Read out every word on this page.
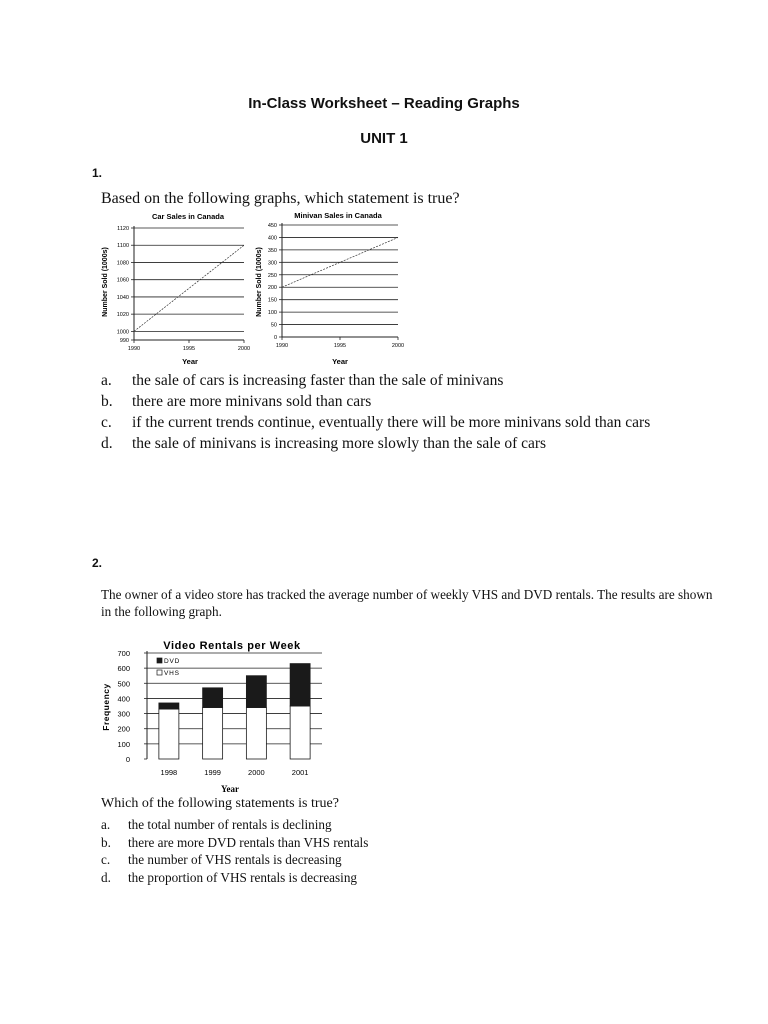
In-Class Worksheet – Reading Graphs
UNIT 1
1.
Based on the following graphs, which statement is true?
Car Sales in Canada
Number Sold (1000s)
Year
990
1000
1020
1040
1060
1080
1100
1120
1990	1995	2000
Minivan Sales in Canada
Number Sold (1000s)
Year
0
50
100
150
200
250
300
350
400
450
1990	1995	2000
a.	the sale of cars is increasing faster than the sale of minivans
b.	there are more minivans sold than cars
c.	if the current trends continue, eventually there will be more minivans sold than cars
d.	the sale of minivans is increasing more slowly than the sale of cars
2.
The owner of a video store has tracked the average number of weekly VHS and DVD rentals. The results are shown in the following graph.
Video Rentals per Week
Frequency
Year
0
100
200
300
400
500
600
700
1998	1999	2000	2001
DVD
VHS
Which of the following statements is true?
a.	the total number of rentals is declining
b.	there are more DVD rentals than VHS rentals
c.	the number of VHS rentals is decreasing
d.	the proportion of VHS rentals is decreasing
